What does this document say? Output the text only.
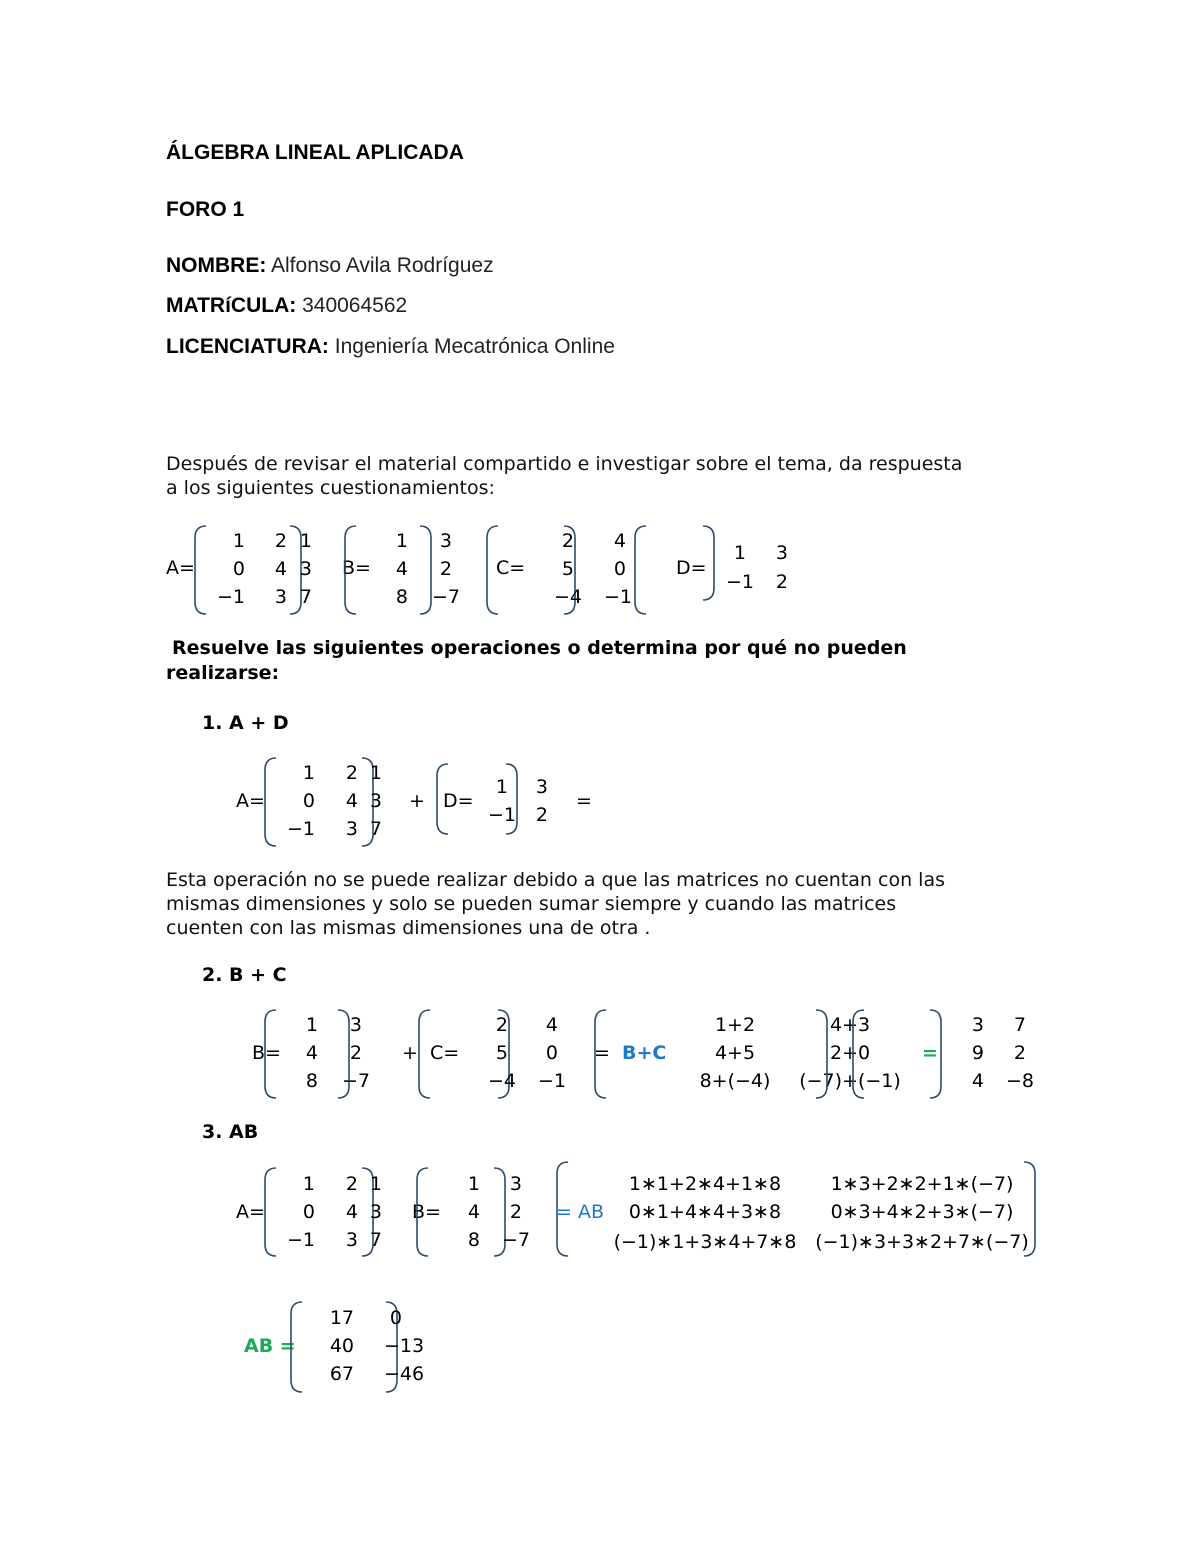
ÁLGEBRA LINEAL APLICADA
FORO 1
NOMBRE: Alfonso Avila Rodríguez
MATRíCULA: 340064562
LICENCIATURA: Ingeniería Mecatrónica Online
Después de revisar el material compartido e investigar sobre el tema, da respuesta
a los siguientes cuestionamientos:
A=
1	2 1
0	4 3
−1	3 7
B=
1	3
4	2
8	−7
C=
2	4
5	0
−4	−1
D=
1	3
−1	2
Resuelve las siguientes operaciones o determina por qué no pueden
realizarse:
1. A + D
A=
1	2 1
0	4 3
−1	3 7
+ D=
1	3
−1	2
=
Esta operación no se puede realizar debido a que las matrices no cuentan con las
mismas dimensiones y solo se pueden sumar siempre y cuando las matrices
cuenten con las mismas dimensiones una de otra .
2. B + C
B=
1	3
4	2
8	−7
+ C=
2	4
5	0
−4	−1
= B+C
1+2	4+3
4+5	2+0
8+(−4)	(−7)+(−1)
=
3	7
9	2
4	−8
3. AB
A=
1	2 1
0	4 3
−1	3 7
B=
1	3
4	2
8	−7
= AB
1∗1+2∗4+1∗8	1∗3+2∗2+1∗(−7)
0∗1+4∗4+3∗8	0∗3+4∗2+3∗(−7)
(−1)∗1+3∗4+7∗8 (−1)∗3+3∗2+7∗(−7)
AB =
17	0
40 −13
67 −46
